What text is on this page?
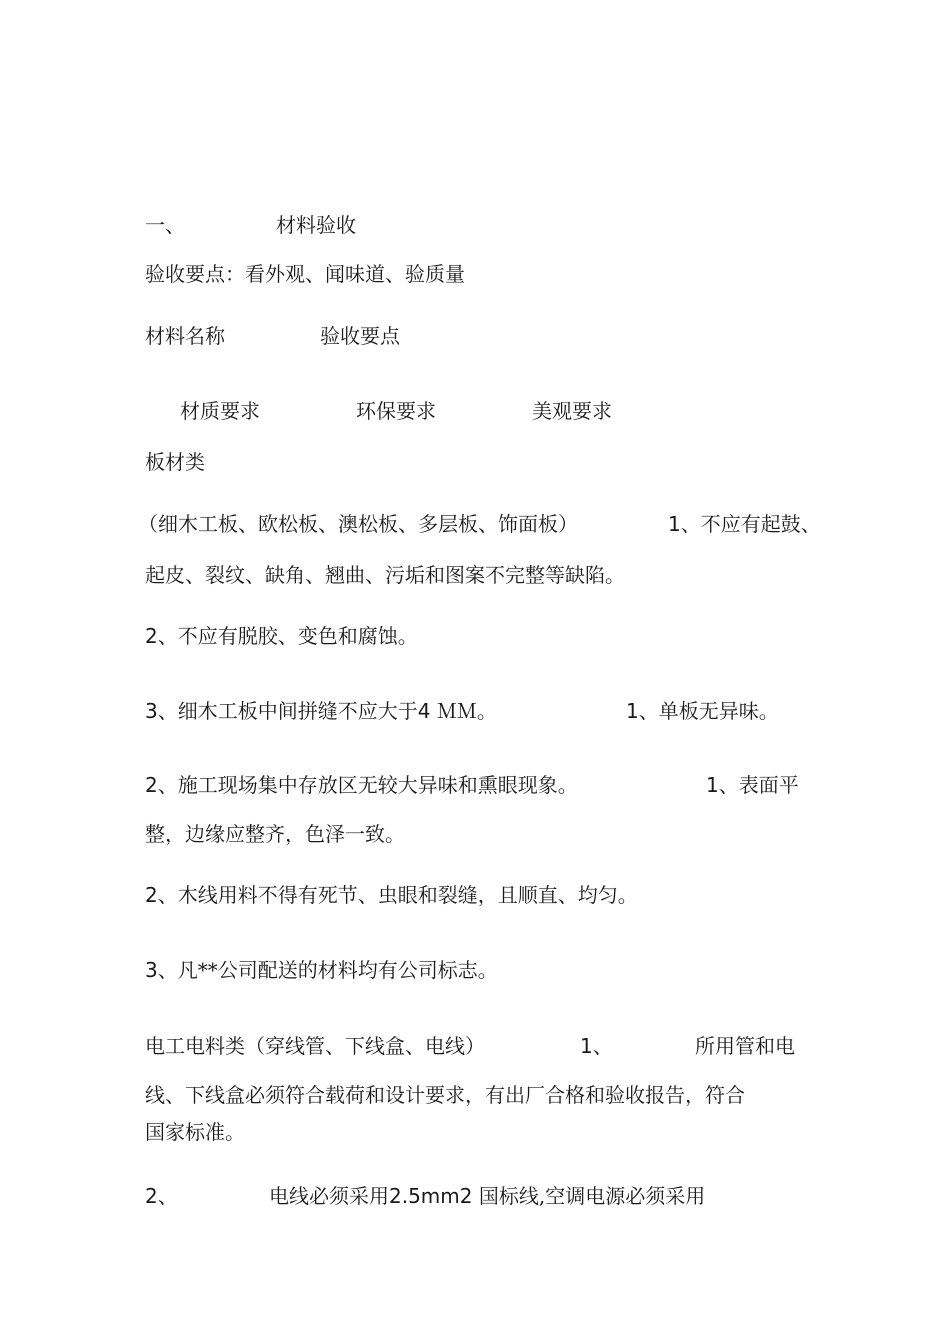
一、	材料验收
验收要点：看外观、闻味道、验质量
材料名称	验收要点
材质要求	环保要求	美观要求
板材类
（细木工板、欧松板、澳松板、多层板、饰面板）	1、不应有起鼓、
起皮、裂纹、缺角、翘曲、污垢和图案不完整等缺陷。
2、不应有脱胶、变色和腐蚀。
3、细木工板中间拼缝不应大于4 ＭＭ。	1、单板无异味。
2、施工现场集中存放区无较大异味和熏眼现象。	1、表面平
整，边缘应整齐，色泽一致。
2、木线用料不得有死节、虫眼和裂缝，且顺直、均匀。
3、凡**公司配送的材料均有公司标志。
电工电料类（穿线管、下线盒、电线）	1、	所用管和电
线、下线盒必须符合载荷和设计要求，有出厂合格和验收报告，符合
国家标准。
2、	电线必须采用2.5mm2 国标线,空调电源必须采用
